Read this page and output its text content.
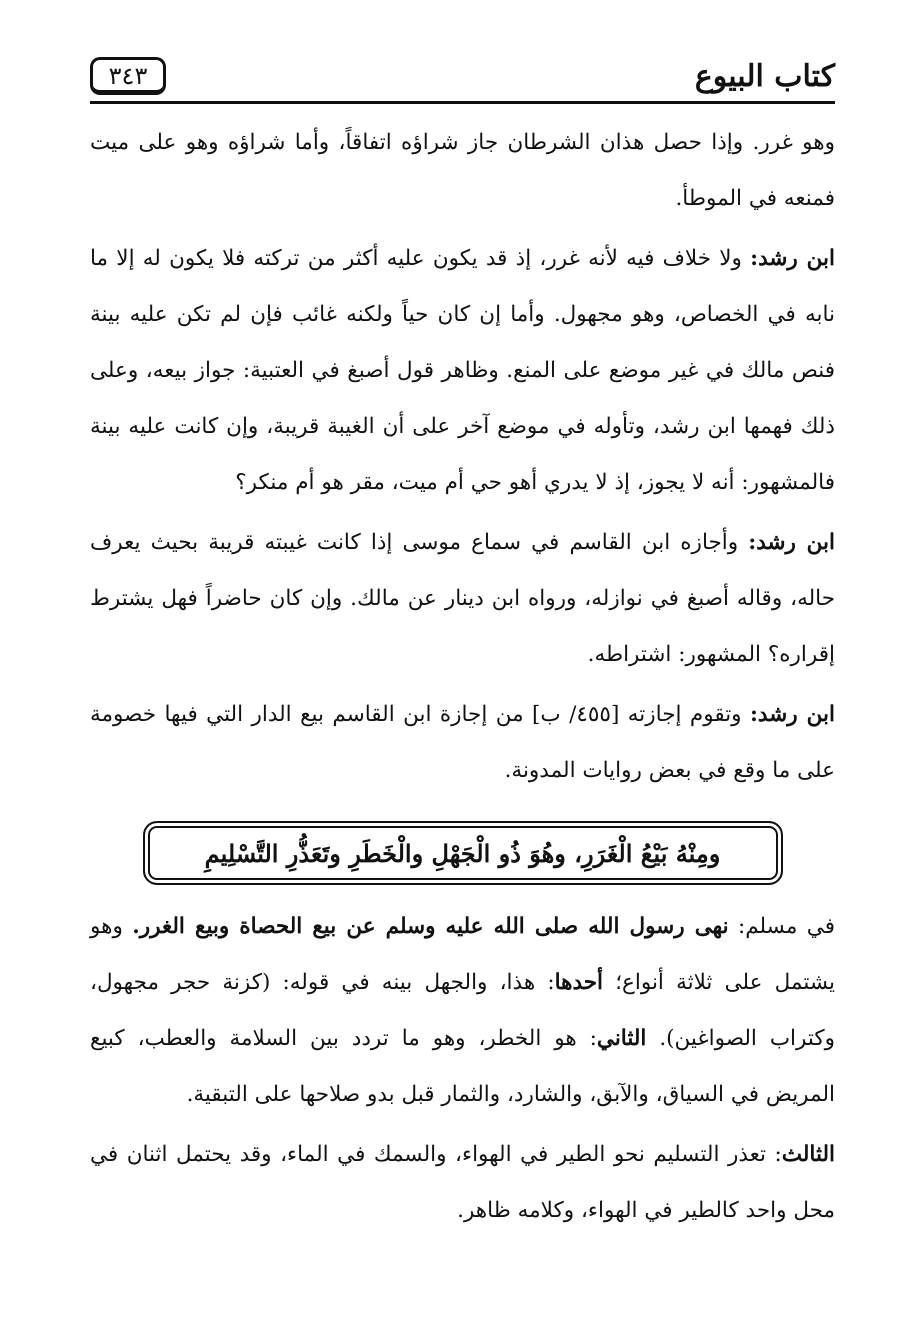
كتاب البيوع
٣٤٣

وهو غرر. وإذا حصل هذان الشرطان جاز شراؤه اتفاقاً، وأما شراؤه وهو على ميت فمنعه في الموطأ.

ابن رشد: ولا خلاف فيه لأنه غرر، إذ قد يكون عليه أكثر من تركته فلا يكون له إلا ما نابه في الخصاص، وهو مجهول. وأما إن كان حياً ولكنه غائب فإن لم تكن عليه بينة فنص مالك في غير موضع على المنع. وظاهر قول أصبغ في العتبية: جواز بيعه، وعلى ذلك فهمها ابن رشد، وتأوله في موضع آخر على أن الغيبة قريبة، وإن كانت عليه بينة فالمشهور: أنه لا يجوز، إذ لا يدري أهو حي أم ميت، مقر هو أم منكر؟

ابن رشد: وأجازه ابن القاسم في سماع موسى إذا كانت غيبته قريبة بحيث يعرف حاله، وقاله أصبغ في نوازله، ورواه ابن دينار عن مالك. وإن كان حاضراً فهل يشترط إقراره؟ المشهور: اشتراطه.

ابن رشد: وتقوم إجازته [٤٥٥/ ب] من إجازة ابن القاسم بيع الدار التي فيها خصومة على ما وقع في بعض روايات المدونة.

ومِنْهُ بَيْعُ الْغَرَرِ، وهُوَ ذُو الْجَهْلِ والْخَطَرِ وتَعَذُّرِ التَّسْلِيمِ

في مسلم: نهى رسول الله صلى الله عليه وسلم عن بيع الحصاة وبيع الغرر. وهو يشتمل على ثلاثة أنواع؛ أحدها: هذا، والجهل بينه في قوله: (كزنة حجر مجهول، وكتراب الصواغين). الثاني: هو الخطر، وهو ما تردد بين السلامة والعطب، كبيع المريض في السياق، والآبق، والشارد، والثمار قبل بدو صلاحها على التبقية.

الثالث: تعذر التسليم نحو الطير في الهواء، والسمك في الماء، وقد يحتمل اثنان في محل واحد كالطير في الهواء، وكلامه ظاهر.
